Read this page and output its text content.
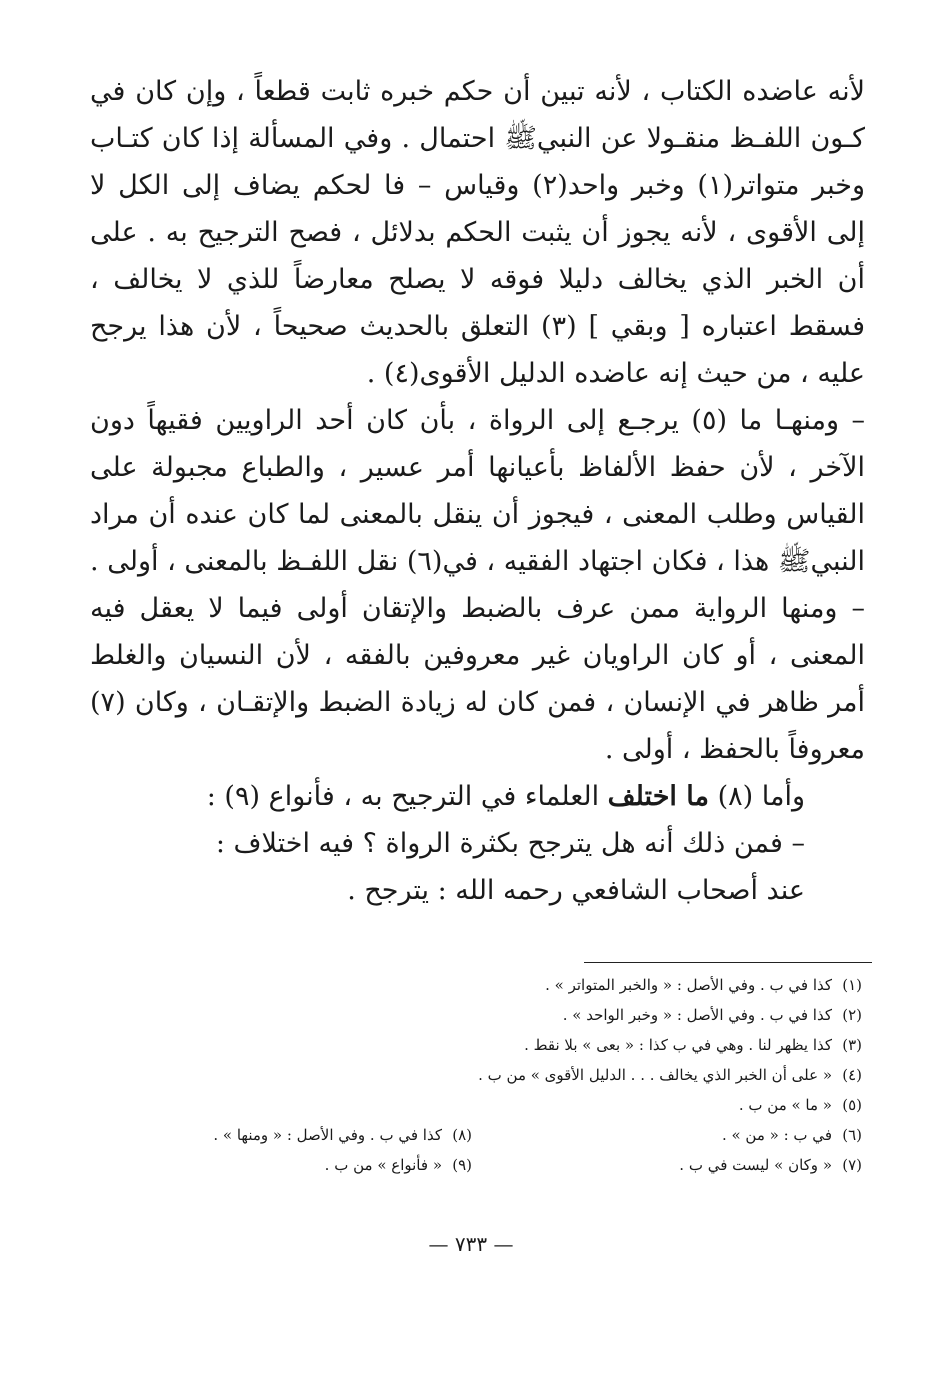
لأنه عاضده الكتاب ، لأنه تبين أن حكم خبره ثابت قطعاً ، وإن كان في كـون اللفـظ منقـولا عن النبيﷺ احتمال . وفي المسألة إذا كان كتـاب وخبر متواتر(١) وخبر واحد(٢) وقياس – فا لحكم يضاف إلى الكل لا إلى الأقوى ، لأنه يجوز أن يثبت الحكم بدلائل ، فصح الترجيح به . على أن الخبر الذي يخالف دليلا فوقه لا يصلح معارضاً للذي لا يخالف ، فسقط اعتباره [ وبقي ] (٣) التعلق بالحديث صحيحاً ، لأن هذا يرجح عليه ، من حيث إنه عاضده الدليل الأقوى(٤) .

– ومنهـا ما (٥) يرجـع إلى الرواة ، بأن كان أحد الراويين فقيهاً دون الآخر ، لأن حفظ الألفاظ بأعيانها أمر عسير ، والطباع مجبولة على القياس وطلب المعنى ، فيجوز أن ينقل بالمعنى لما كان عنده أن مراد النبيﷺ هذا ، فكان اجتهاد الفقيه ، في(٦) نقل اللفـظ بالمعنى ، أولى .

– ومنها الرواية ممن عرف بالضبط والإتقان أولى فيما لا يعقل فيه المعنى ، أو كان الراويان غير معروفين بالفقه ، لأن النسيان والغلط أمر ظاهر في الإنسان ، فمن كان له زيادة الضبط والإتقـان ، وكان (٧) معروفاً بالحفظ ، أولى .

وأما (٨) ما اختلف العلماء في الترجيح به ، فأنواع (٩) :

– فمن ذلك أنه هل يترجح بكثرة الرواة ؟ فيه اختلاف :

عند أصحاب الشافعي رحمه الله : يترجح .

(١)كذا في ب . وفي الأصل : « والخبر المتواتر » .
(٢)كذا في ب . وفي الأصل : « وخبر الواحد » .
(٣)كذا يظهر لنا . وهي في ب كذا : « بعى » بلا نقط .
(٤)« على أن الخبر الذي يخالف . . . الدليل الأقوى » من ب .
(٥)« ما » من ب .
(٦)في ب : « من » .
(٨)كذا في ب . وفي الأصل : « ومنها » .
(٧)« وكان » ليست في ب .
(٩)« فأنواع » من ب .
— ٧٣٣ —
